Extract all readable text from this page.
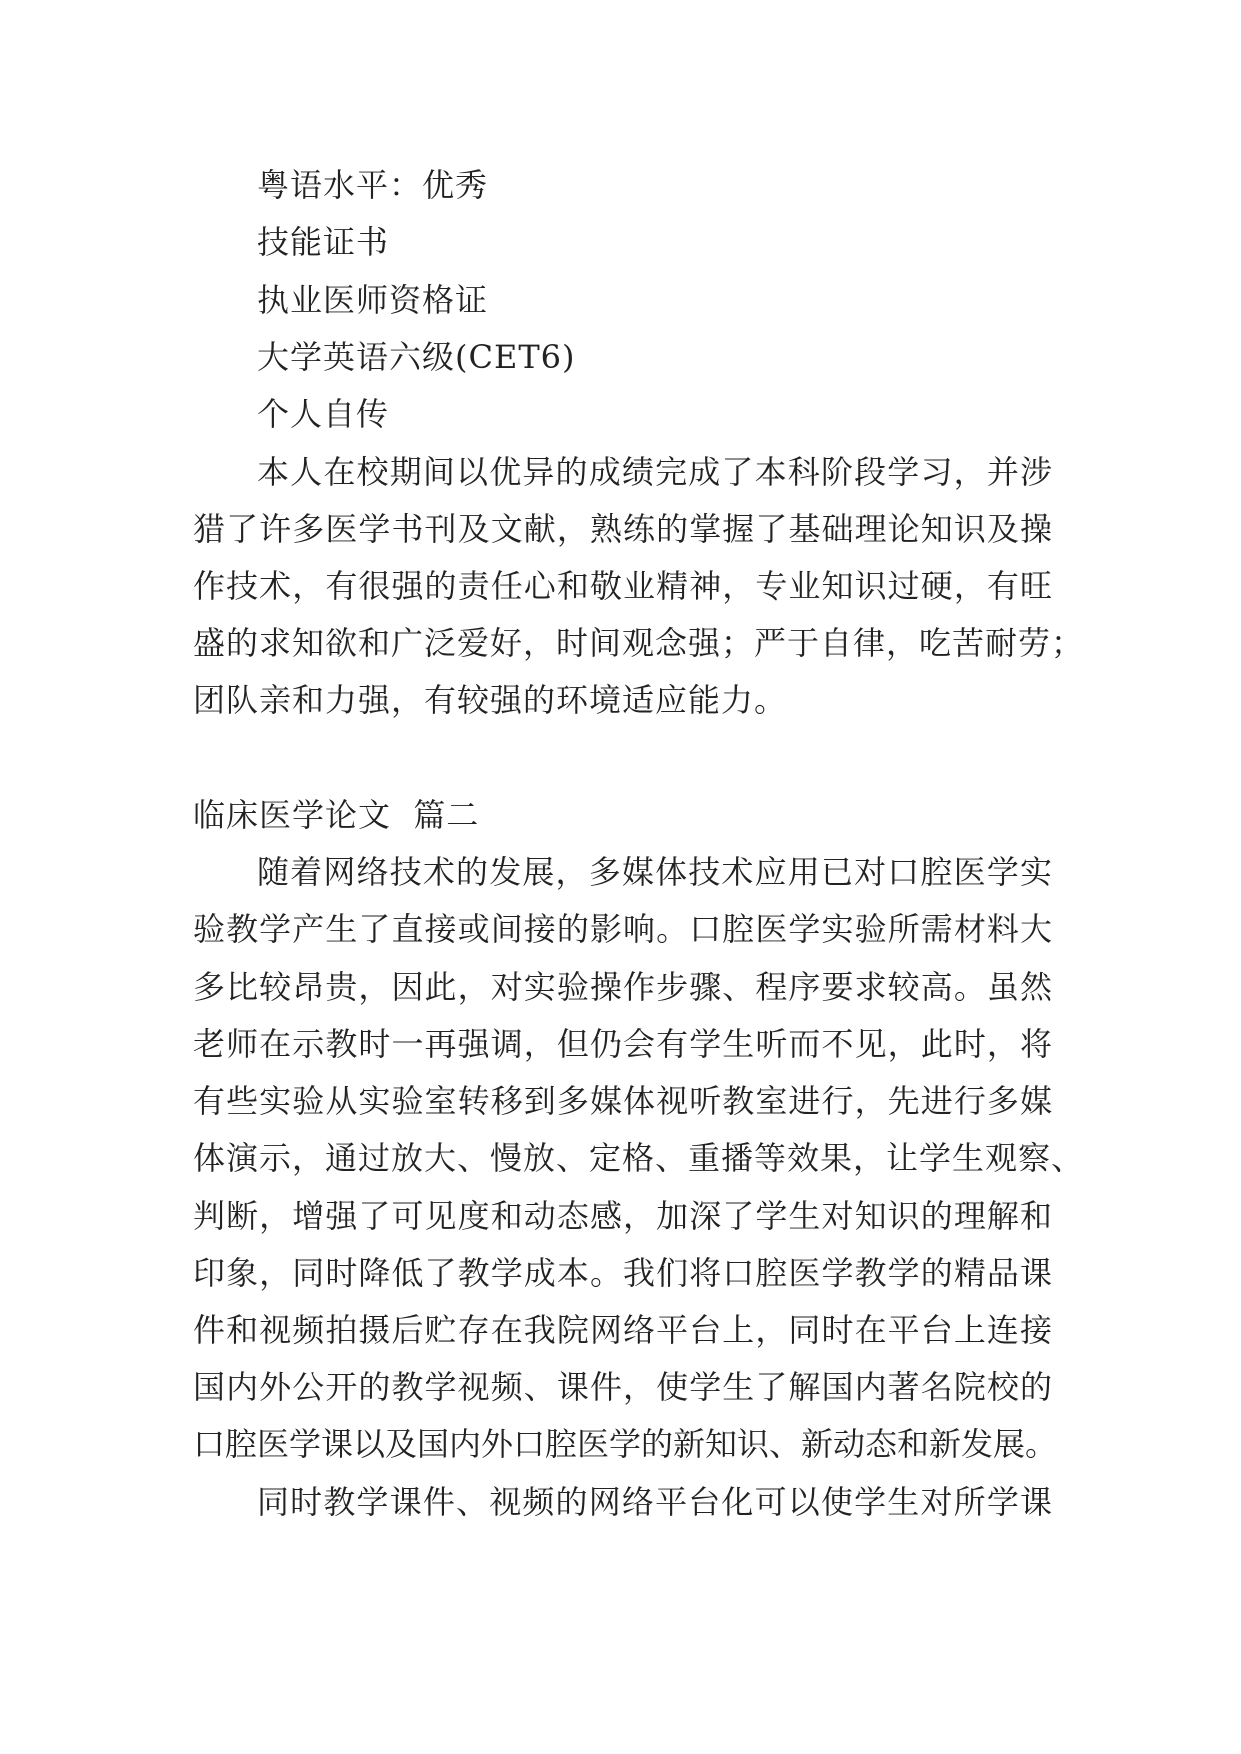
粤语水平：优秀
技能证书
执业医师资格证
大学英语六级(CET6)
个人自传
本人在校期间以优异的成绩完成了本科阶段学习，并涉
猎了许多医学书刊及文献，熟练的掌握了基础理论知识及操
作技术，有很强的责任心和敬业精神，专业知识过硬，有旺
盛的求知欲和广泛爱好，时间观念强；严于自律，吃苦耐劳；
团队亲和力强，有较强的环境适应能力。
临床医学论文  篇二
随着网络技术的发展，多媒体技术应用已对口腔医学实
验教学产生了直接或间接的影响。口腔医学实验所需材料大
多比较昂贵，因此，对实验操作步骤、程序要求较高。虽然
老师在示教时一再强调，但仍会有学生听而不见，此时，将
有些实验从实验室转移到多媒体视听教室进行，先进行多媒
体演示，通过放大、慢放、定格、重播等效果，让学生观察、
判断，增强了可见度和动态感，加深了学生对知识的理解和
印象，同时降低了教学成本。我们将口腔医学教学的精品课
件和视频拍摄后贮存在我院网络平台上，同时在平台上连接
国内外公开的教学视频、课件，使学生了解国内著名院校的
口腔医学课以及国内外口腔医学的新知识、新动态和新发展。
同时教学课件、视频的网络平台化可以使学生对所学课
